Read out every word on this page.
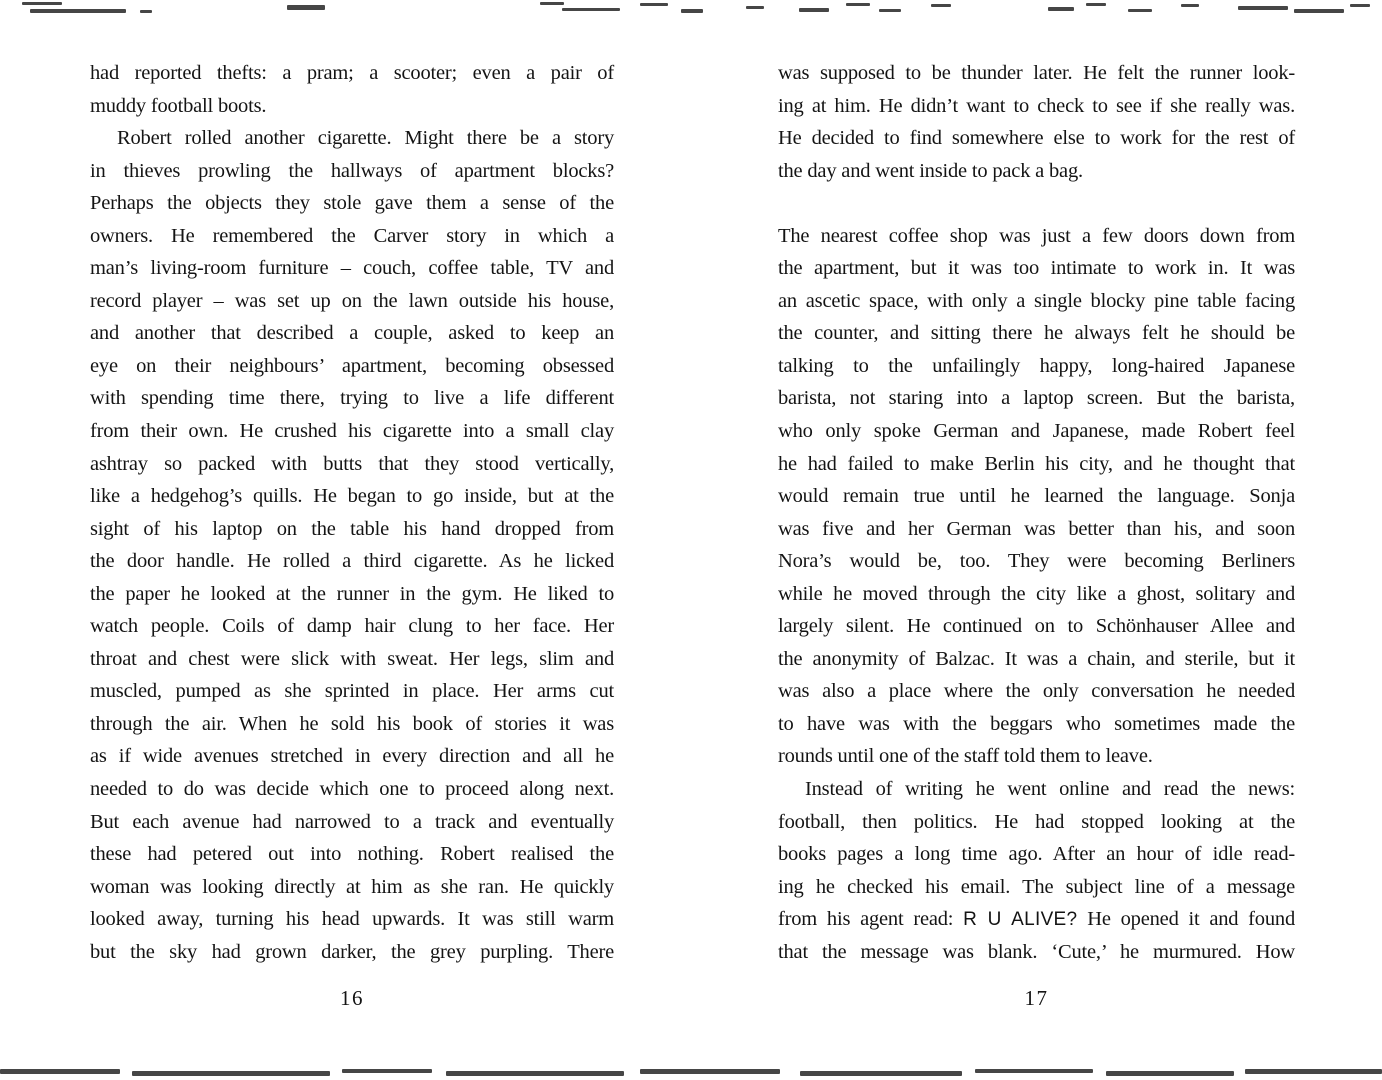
had reported thefts: a pram; a scooter; even a pair of
muddy football boots.
Robert rolled another cigarette. Might there be a story
in thieves prowling the hallways of apartment blocks?
Perhaps the objects they stole gave them a sense of the
owners. He remembered the Carver story in which a
man’s living-room furniture – couch, coffee table, TV and
record player – was set up on the lawn outside his house,
and another that described a couple, asked to keep an
eye on their neighbours’ apartment, becoming obsessed
with spending time there, trying to live a life different
from their own. He crushed his cigarette into a small clay
ashtray so packed with butts that they stood vertically,
like a hedgehog’s quills. He began to go inside, but at the
sight of his laptop on the table his hand dropped from
the door handle. He rolled a third cigarette. As he licked
the paper he looked at the runner in the gym. He liked to
watch people. Coils of damp hair clung to her face. Her
throat and chest were slick with sweat. Her legs, slim and
muscled, pumped as she sprinted in place. Her arms cut
through the air. When he sold his book of stories it was
as if wide avenues stretched in every direction and all he
needed to do was decide which one to proceed along next.
But each avenue had narrowed to a track and eventually
these had petered out into nothing. Robert realised the
woman was looking directly at him as she ran. He quickly
looked away, turning his head upwards. It was still warm
but the sky had grown darker, the grey purpling. There
was supposed to be thunder later. He felt the runner look-
ing at him. He didn’t want to check to see if she really was.
He decided to find somewhere else to work for the rest of
the day and went inside to pack a bag.
The nearest coffee shop was just a few doors down from
the apartment, but it was too intimate to work in. It was
an ascetic space, with only a single blocky pine table facing
the counter, and sitting there he always felt he should be
talking to the unfailingly happy, long-haired Japanese
barista, not staring into a laptop screen. But the barista,
who only spoke German and Japanese, made Robert feel
he had failed to make Berlin his city, and he thought that
would remain true until he learned the language. Sonja
was five and her German was better than his, and soon
Nora’s would be, too. They were becoming Berliners
while he moved through the city like a ghost, solitary and
largely silent. He continued on to Schönhauser Allee and
the anonymity of Balzac. It was a chain, and sterile, but it
was also a place where the only conversation he needed
to have was with the beggars who sometimes made the
rounds until one of the staff told them to leave.
Instead of writing he went online and read the news:
football, then politics. He had stopped looking at the
books pages a long time ago. After an hour of idle read-
ing he checked his email. The subject line of a message
from his agent read: R U ALIVE? He opened it and found
that the message was blank. ‘Cute,’ he murmured. How
16	17
